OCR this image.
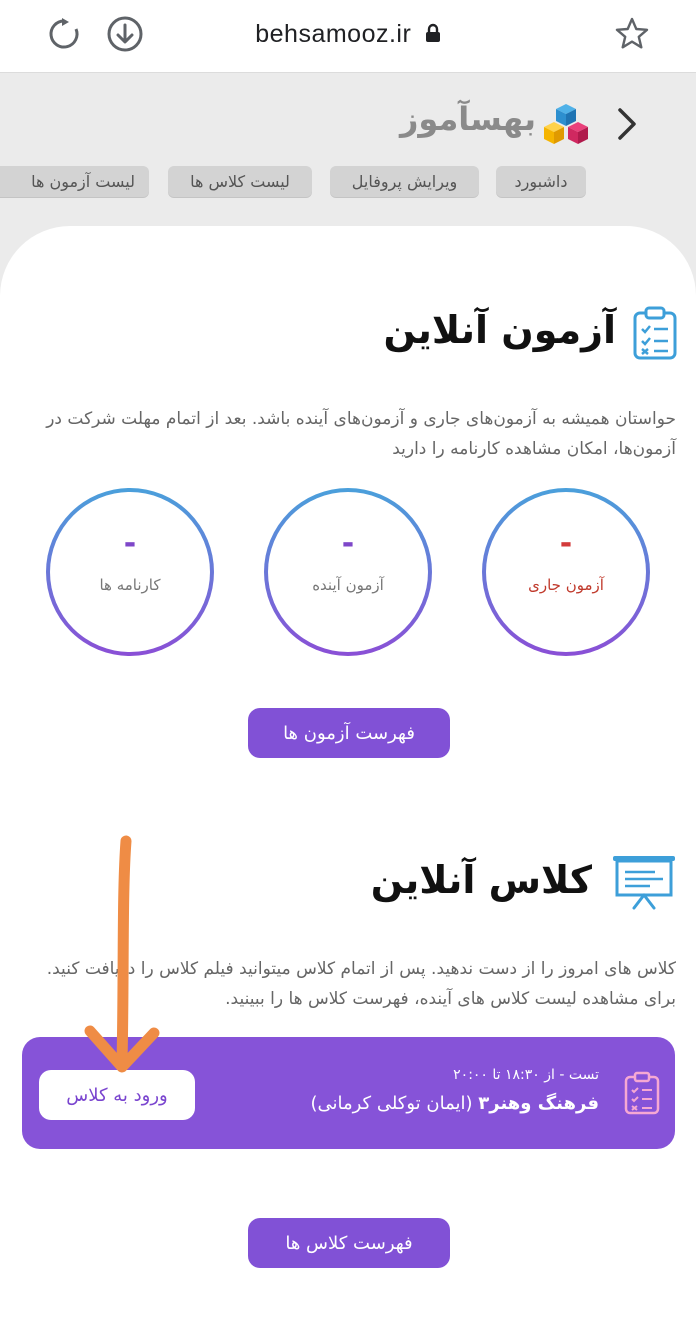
behsamooz.ir
بهسآموز
داشبورد
ویرایش پروفایل
لیست کلاس ها
لیست آزمون ها
آزمون آنلاین
حواستان همیشه به آزمون‌های جاری و آزمون‌های آینده باشد. بعد از اتمام مهلت شرکت در آزمون‌ها، امکان مشاهده کارنامه را دارید
-
آزمون جاری
-
آزمون آینده
-
کارنامه ها
فهرست آزمون ها
کلاس آنلاین
کلاس های امروز را از دست ندهید. پس از اتمام کلاس میتوانید فیلم کلاس را دریافت کنید. برای مشاهده لیست کلاس های آینده، فهرست کلاس ها را ببینید.
تست - از ۱۸:۳۰ تا ۲۰:۰۰
فرهنگ وهنر۳ (ایمان توکلی کرمانی)
ورود به کلاس
فهرست کلاس ها
